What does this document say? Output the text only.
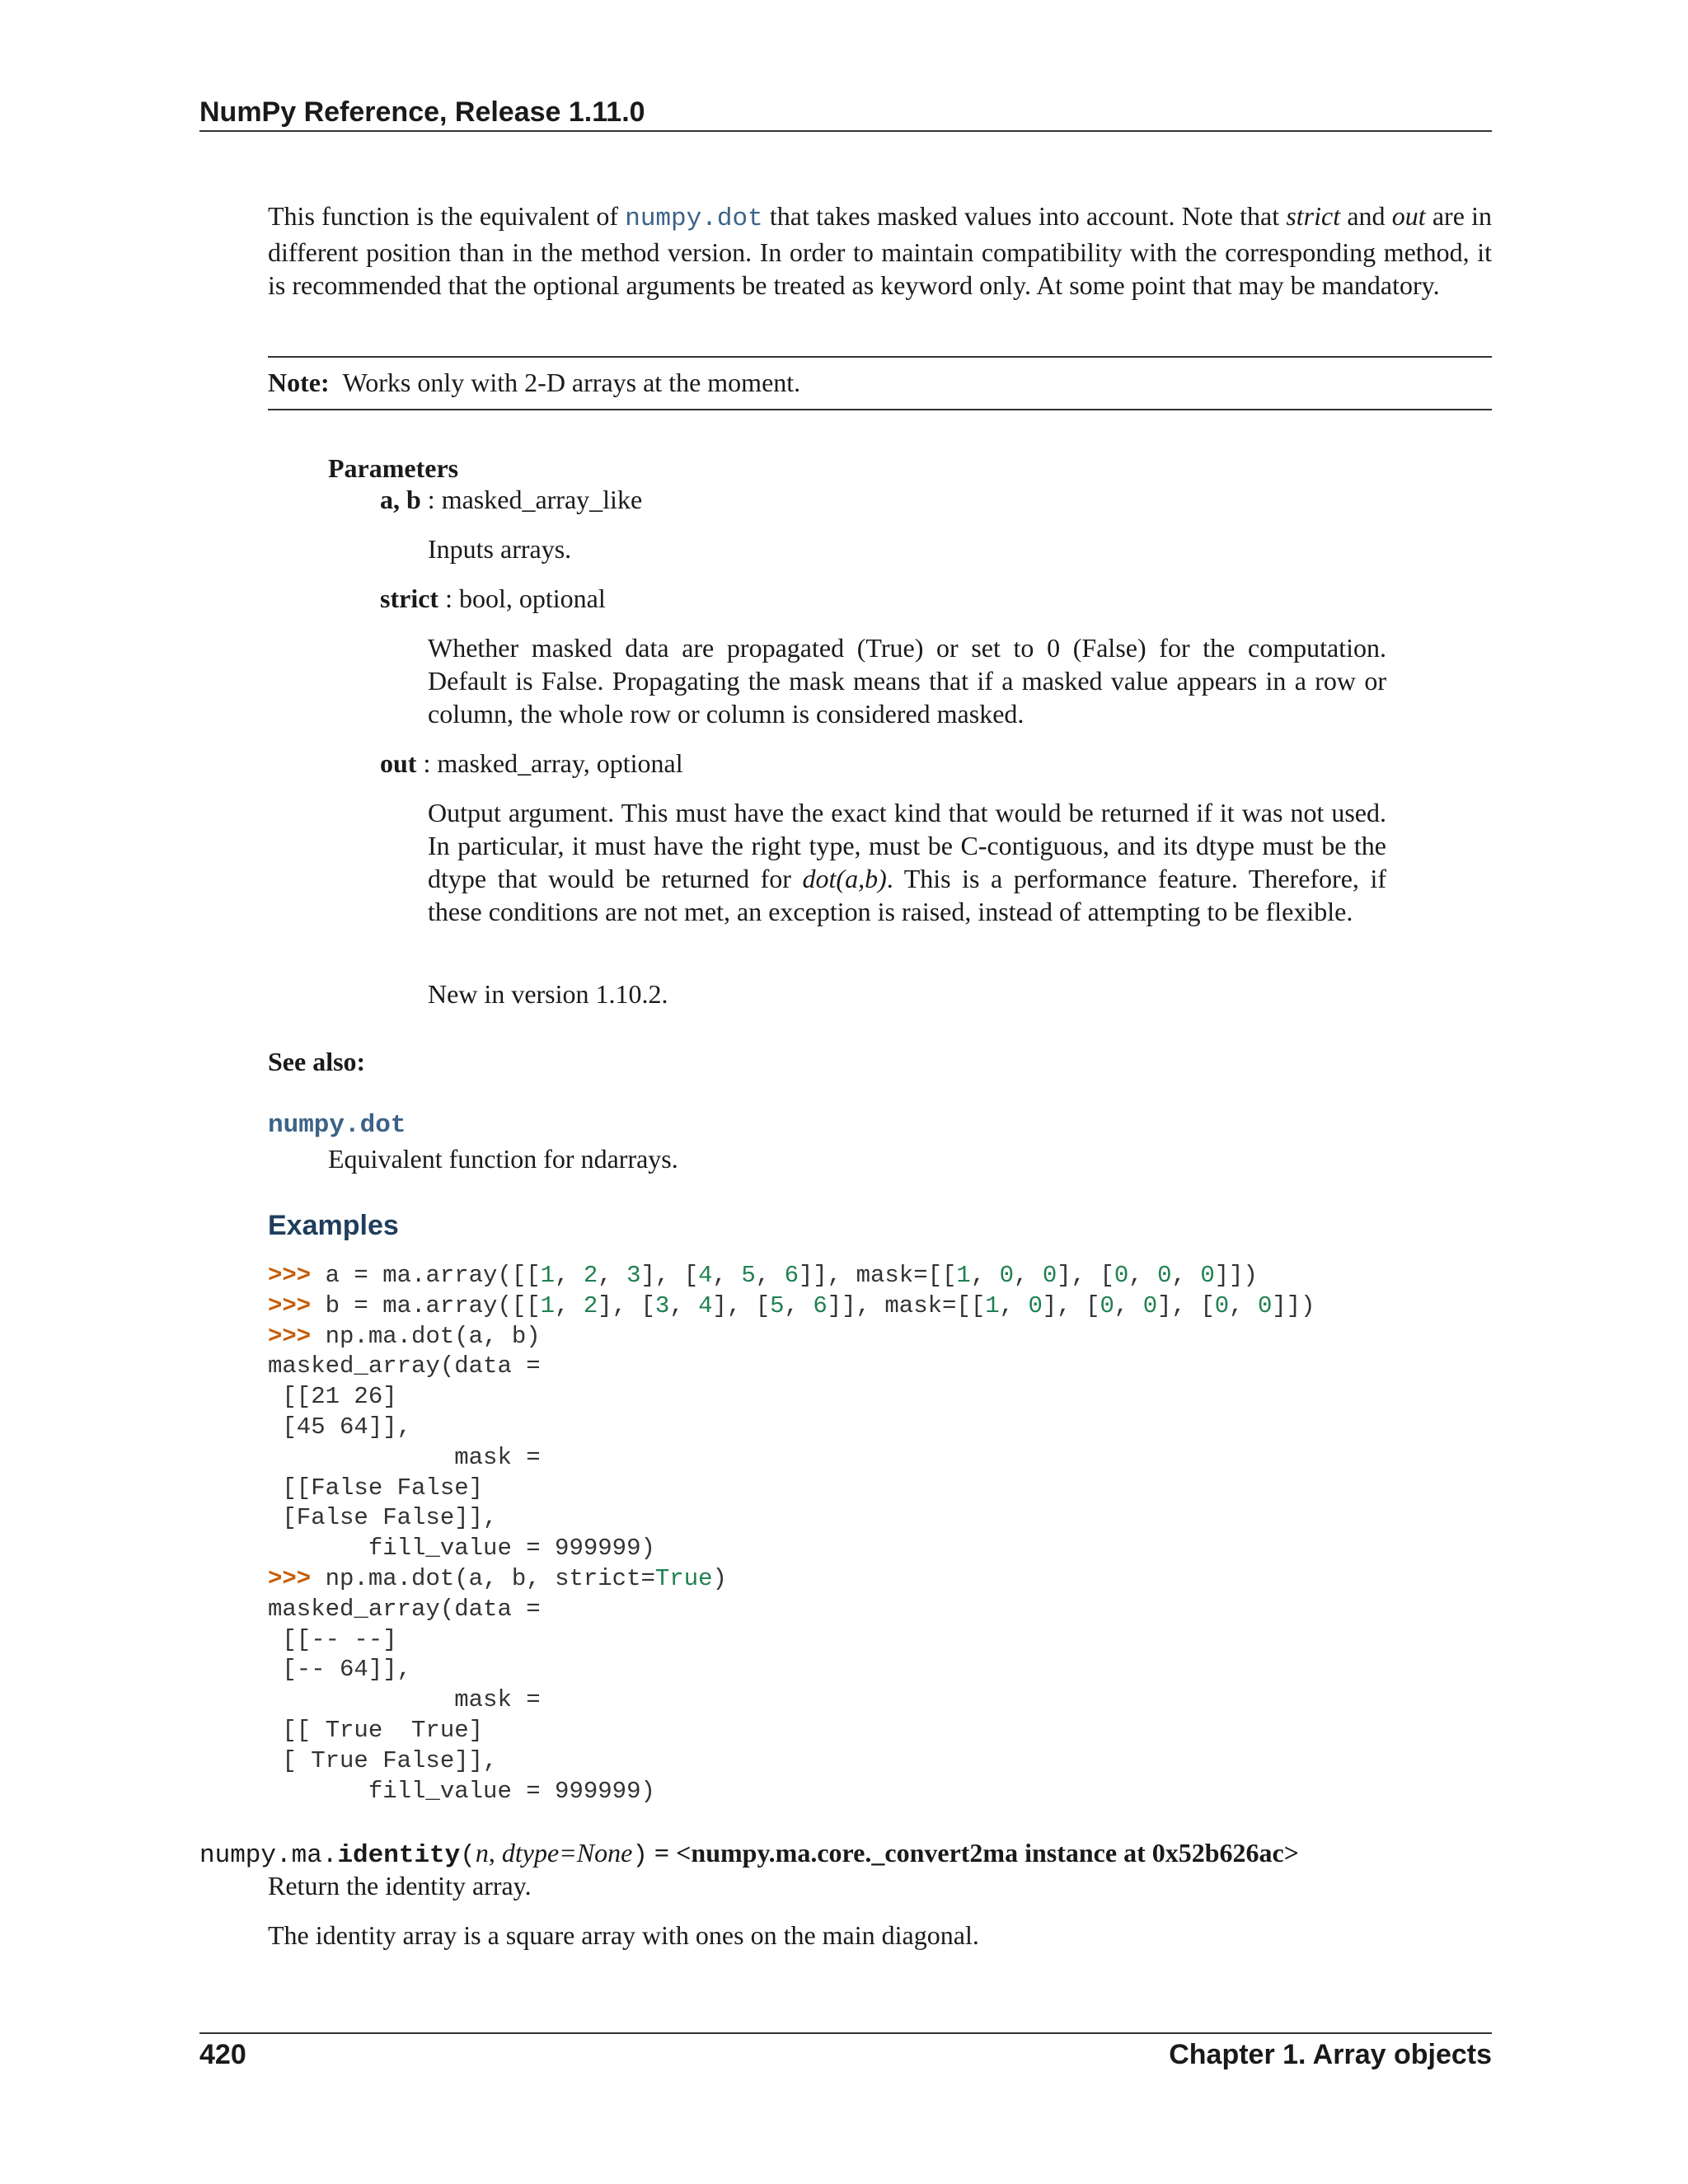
NumPy Reference, Release 1.11.0

This function is the equivalent of numpy.dot that takes masked values into account. Note that strict and out are in different position than in the method version. In order to maintain compatibility with the corresponding method, it is recommended that the optional arguments be treated as keyword only. At some point that may be mandatory.

Note: Works only with 2-D arrays at the moment.
Parameters
a, b : masked_array_like
Inputs arrays.
strict : bool, optional
Whether masked data are propagated (True) or set to 0 (False) for the computation. Default is False. Propagating the mask means that if a masked value appears in a row or column, the whole row or column is considered masked.
out : masked_array, optional
Output argument. This must have the exact kind that would be returned if it was not used. In particular, it must have the right type, must be C-contiguous, and its dtype must be the dtype that would be returned for dot(a,b). This is a performance feature. Therefore, if these conditions are not met, an exception is raised, instead of attempting to be flexible.
New in version 1.10.2.
See also:
numpy.dot
Equivalent function for ndarrays.
Examples
>>> a = ma.array([[1, 2, 3], [4, 5, 6]], mask=[[1, 0, 0], [0, 0, 0]])
>>> b = ma.array([[1, 2], [3, 4], [5, 6]], mask=[[1, 0], [0, 0], [0, 0]])
>>> np.ma.dot(a, b)
masked_array(data =
[[21 26]
[45 64]],
mask =
[[False False]
[False False]],
fill_value = 999999)
>>> np.ma.dot(a, b, strict=True)
masked_array(data =
[[-- --]
[-- 64]],
mask =
[[ True  True]
[ True False]],
fill_value = 999999)
numpy.ma.identity(n, dtype=None) = <numpy.ma.core._convert2ma instance at 0x52b626ac>
Return the identity array.
The identity array is a square array with ones on the main diagonal.
420	Chapter 1. Array objects
